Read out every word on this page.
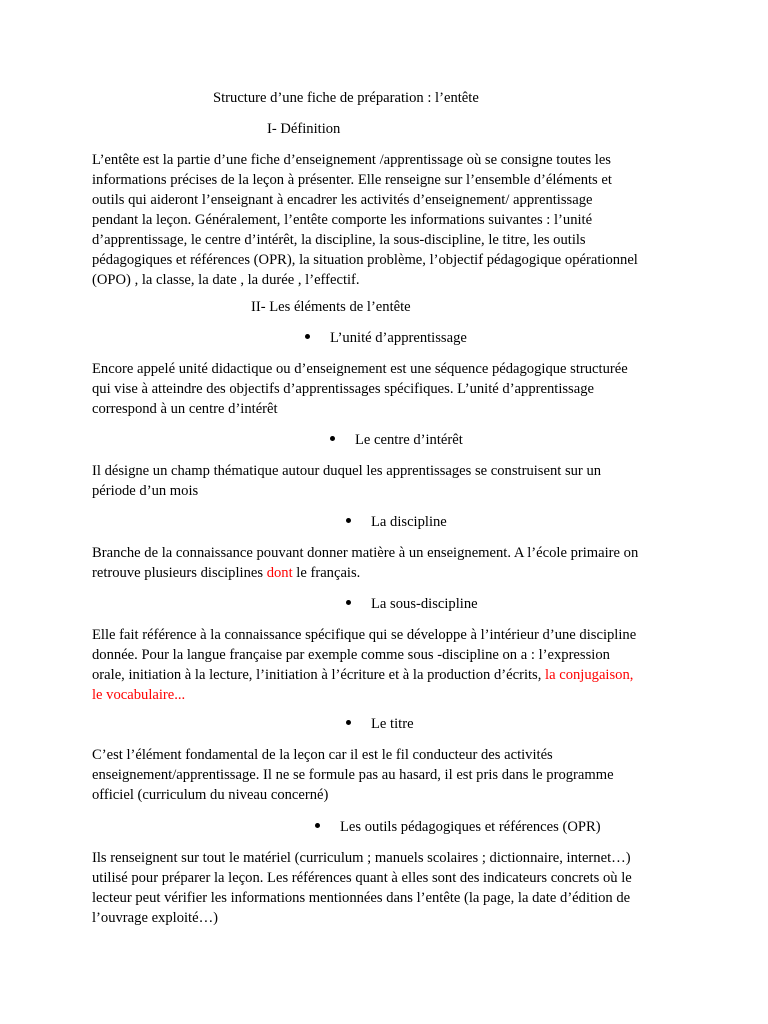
Structure d’une fiche de préparation : l’entête
I- Définition
L’entête est la partie d’une fiche d’enseignement /apprentissage où se consigne toutes les
informations précises de la leçon à présenter. Elle renseigne sur l’ensemble d’éléments et
outils qui aideront l’enseignant à encadrer les activités d’enseignement/ apprentissage
pendant la leçon. Généralement, l’entête comporte les informations suivantes : l’unité
d’apprentissage, le centre d’intérêt, la discipline, la sous-discipline, le titre, les outils
pédagogiques et références (OPR), la situation problème, l’objectif pédagogique opérationnel
(OPO) , la classe, la date , la durée , l’effectif.
II- Les éléments de l’entête
L’unité d’apprentissage
Encore appelé unité didactique ou d’enseignement est une séquence pédagogique structurée
qui vise à atteindre des objectifs d’apprentissages spécifiques. L’unité d’apprentissage
correspond à un centre d’intérêt
Le centre d’intérêt
Il désigne un champ thématique autour duquel les apprentissages se construisent sur un
période d’un mois
La discipline
Branche de la connaissance pouvant donner matière à un enseignement. A l’école primaire on
retrouve plusieurs disciplines dont le français.
La sous-discipline
Elle fait référence à la connaissance spécifique qui se développe à l’intérieur d’une discipline
donnée. Pour la langue française par exemple comme sous -discipline on a : l’expression
orale, initiation à la lecture, l’initiation à l’écriture et à la production d’écrits, la conjugaison,
le vocabulaire...
Le titre
C’est l’élément fondamental de la leçon car il est le fil conducteur des activités
enseignement/apprentissage. Il ne se formule pas au hasard, il est pris dans le programme
officiel (curriculum du niveau concerné)
Les outils pédagogiques et références (OPR)
Ils renseignent sur tout le matériel (curriculum ; manuels scolaires ; dictionnaire, internet…)
utilisé pour préparer la leçon. Les références quant à elles sont des indicateurs concrets où le
lecteur peut vérifier les informations mentionnées dans l’entête (la page, la date d’édition de
l’ouvrage exploité…)
